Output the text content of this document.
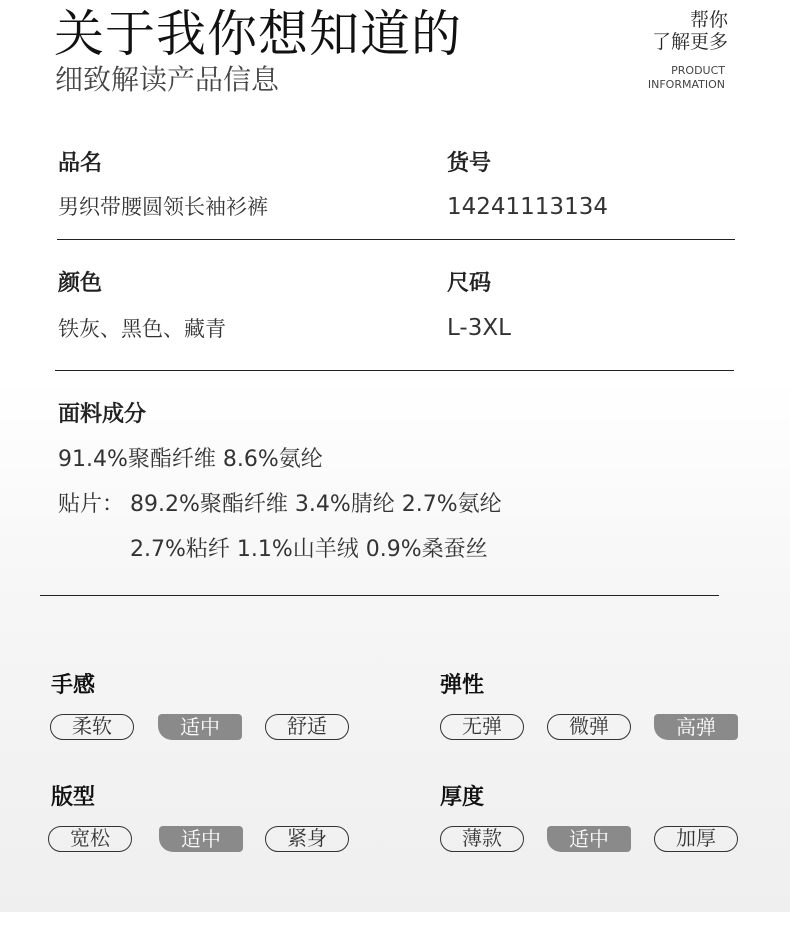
关于我你想知道的
细致解读产品信息
帮你
了解更多
PRODUCT
INFORMATION
品名
男织带腰圆领长袖衫裤
货号
14241113134
颜色
铁灰、黑色、藏青
尺码
L-3XL
面料成分
91.4%聚酯纤维 8.6%氨纶
贴片： 89.2%聚酯纤维 3.4%腈纶 2.7%氨纶
2.7%粘纤 1.1%山羊绒 0.9%桑蚕丝
手感
柔软	适中	舒适
弹性
无弹	微弹	高弹
版型
宽松	适中	紧身
厚度
薄款	适中	加厚
